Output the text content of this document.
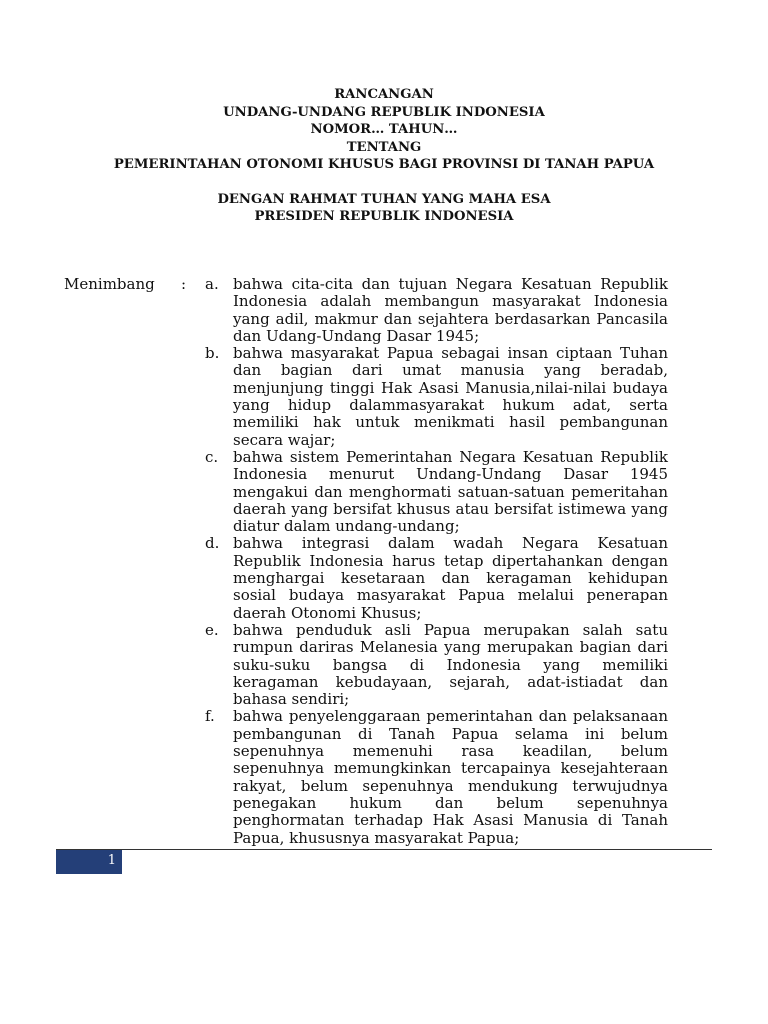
RANCANGAN
UNDANG-UNDANG REPUBLIK INDONESIA
NOMOR… TAHUN…
TENTANG
PEMERINTAHAN OTONOMI KHUSUS BAGI PROVINSI DI TANAH PAPUA
DENGAN RAHMAT TUHAN YANG MAHA ESA
PRESIDEN REPUBLIK INDONESIA
Menimbang : a. bahwa cita-cita dan tujuan Negara Kesatuan Republik Indonesia adalah membangun masyarakat Indonesia yang adil, makmur dan sejahtera berdasarkan Pancasila dan Udang-Undang Dasar 1945;
b. bahwa masyarakat Papua sebagai insan ciptaan Tuhan dan bagian dari umat manusia yang beradab, menjunjung tinggi Hak Asasi Manusia,nilai-nilai budaya yang hidup dalammasyarakat hukum adat, serta memiliki hak untuk menikmati hasil pembangunan secara wajar;
c. bahwa sistem Pemerintahan Negara Kesatuan Republik Indonesia menurut Undang-Undang Dasar 1945 mengakui dan menghormati satuan-satuan pemeritahan daerah yang bersifat khusus atau bersifat istimewa yang diatur dalam undang-undang;
d. bahwa integrasi dalam wadah Negara Kesatuan Republik Indonesia harus tetap dipertahankan dengan menghargai kesetaraan dan keragaman kehidupan sosial budaya masyarakat Papua melalui penerapan daerah Otonomi Khusus;
e. bahwa penduduk asli Papua merupakan salah satu rumpun dariras Melanesia yang merupakan bagian dari suku-suku bangsa di Indonesia yang memiliki keragaman kebudayaan, sejarah, adat-istiadat dan bahasa sendiri;
f.	bahwa penyelenggaraan pemerintahan dan pelaksanaan pembangunan di Tanah Papua selama ini belum sepenuhnya memenuhi rasa keadilan, belum sepenuhnya memungkinkan tercapainya kesejahteraan rakyat, belum sepenuhnya mendukung terwujudnya penegakan hukum dan belum sepenuhnya penghormatan terhadap Hak Asasi Manusia di Tanah Papua, khususnya masyarakat Papua;
1
